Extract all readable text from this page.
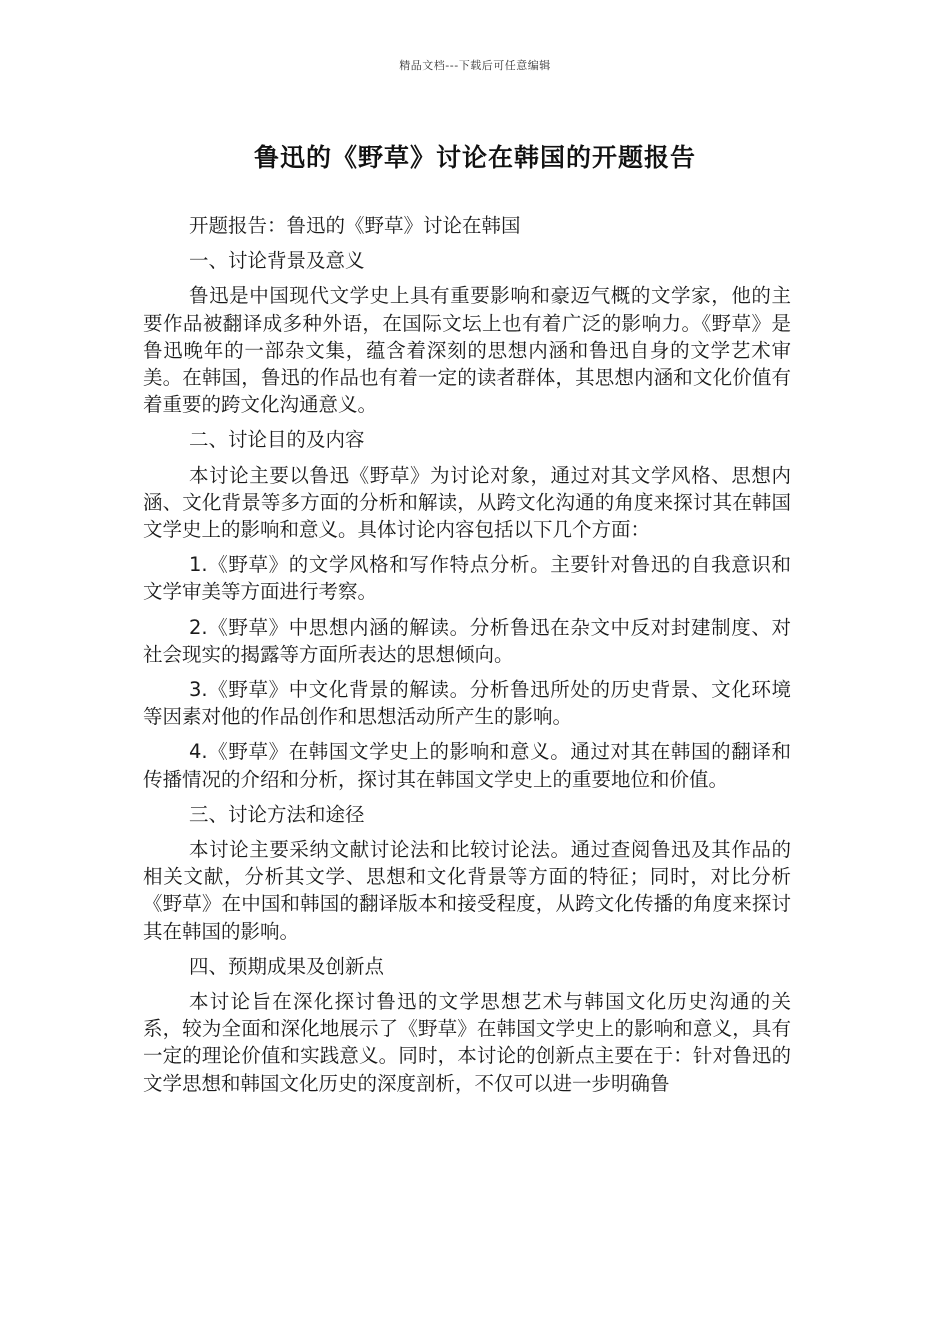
精品文档---下载后可任意编辑
鲁迅的《野草》讨论在韩国的开题报告

开题报告：鲁迅的《野草》讨论在韩国

一、讨论背景及意义

鲁迅是中国现代文学史上具有重要影响和豪迈气概的文学家，他的主要作品被翻译成多种外语，在国际文坛上也有着广泛的影响力。《野草》是鲁迅晚年的一部杂文集，蕴含着深刻的思想内涵和鲁迅自身的文学艺术审美。在韩国，鲁迅的作品也有着一定的读者群体，其思想内涵和文化价值有着重要的跨文化沟通意义。

二、讨论目的及内容

本讨论主要以鲁迅《野草》为讨论对象，通过对其文学风格、思想内涵、文化背景等多方面的分析和解读，从跨文化沟通的角度来探讨其在韩国文学史上的影响和意义。具体讨论内容包括以下几个方面：

1.《野草》的文学风格和写作特点分析。主要针对鲁迅的自我意识和文学审美等方面进行考察。

2.《野草》中思想内涵的解读。分析鲁迅在杂文中反对封建制度、对社会现实的揭露等方面所表达的思想倾向。

3.《野草》中文化背景的解读。分析鲁迅所处的历史背景、文化环境等因素对他的作品创作和思想活动所产生的影响。

4.《野草》在韩国文学史上的影响和意义。通过对其在韩国的翻译和传播情况的介绍和分析，探讨其在韩国文学史上的重要地位和价值。

三、讨论方法和途径

本讨论主要采纳文献讨论法和比较讨论法。通过查阅鲁迅及其作品的相关文献，分析其文学、思想和文化背景等方面的特征；同时，对比分析《野草》在中国和韩国的翻译版本和接受程度，从跨文化传播的角度来探讨其在韩国的影响。

四、预期成果及创新点

本讨论旨在深化探讨鲁迅的文学思想艺术与韩国文化历史沟通的关系，较为全面和深化地展示了《野草》在韩国文学史上的影响和意义，具有一定的理论价值和实践意义。同时，本讨论的创新点主要在于：针对鲁迅的文学思想和韩国文化历史的深度剖析，不仅可以进一步明确鲁
